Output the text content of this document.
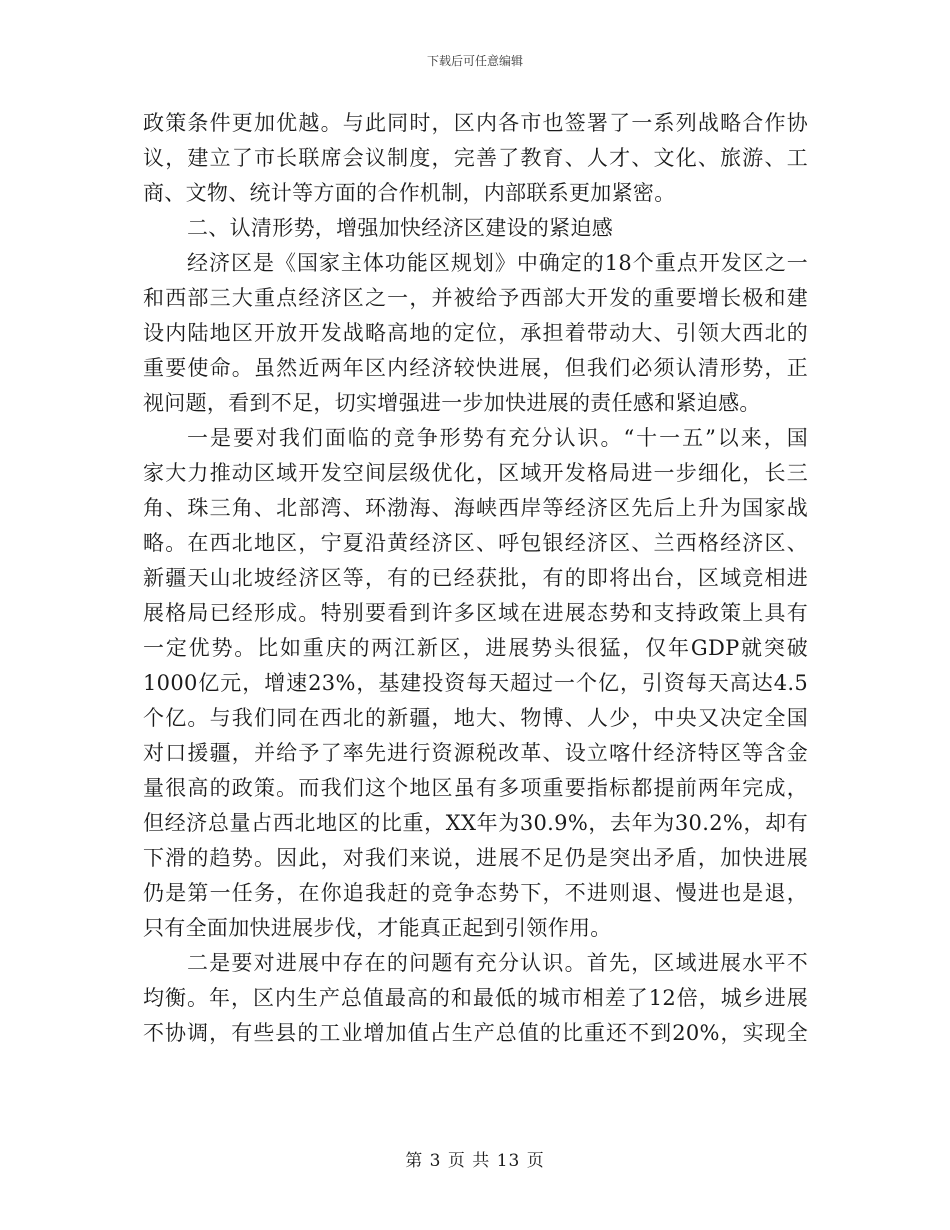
下载后可任意编辑
政策条件更加优越。与此同时，区内各市也签署了一系列战略合作协
议，建立了市长联席会议制度，完善了教育、人才、文化、旅游、工
商、文物、统计等方面的合作机制，内部联系更加紧密。
二、认清形势，增强加快经济区建设的紧迫感
经济区是《国家主体功能区规划》中确定的18个重点开发区之一
和西部三大重点经济区之一，并被给予西部大开发的重要增长极和建
设内陆地区开放开发战略高地的定位，承担着带动大、引领大西北的
重要使命。虽然近两年区内经济较快进展，但我们必须认清形势，正
视问题，看到不足，切实增强进一步加快进展的责任感和紧迫感。
一是要对我们面临的竞争形势有充分认识。“十一五”以来，国
家大力推动区域开发空间层级优化，区域开发格局进一步细化，长三
角、珠三角、北部湾、环渤海、海峡西岸等经济区先后上升为国家战
略。在西北地区，宁夏沿黄经济区、呼包银经济区、兰西格经济区、
新疆天山北坡经济区等，有的已经获批，有的即将出台，区域竞相进
展格局已经形成。特别要看到许多区域在进展态势和支持政策上具有
一定优势。比如重庆的两江新区，进展势头很猛，仅年GDP就突破
1000亿元，增速23%，基建投资每天超过一个亿，引资每天高达4.5
个亿。与我们同在西北的新疆，地大、物博、人少，中央又决定全国
对口援疆，并给予了率先进行资源税改革、设立喀什经济特区等含金
量很高的政策。而我们这个地区虽有多项重要指标都提前两年完成，
但经济总量占西北地区的比重，XX年为30.9%，去年为30.2%，却有
下滑的趋势。因此，对我们来说，进展不足仍是突出矛盾，加快进展
仍是第一任务，在你追我赶的竞争态势下，不进则退、慢进也是退，
只有全面加快进展步伐，才能真正起到引领作用。
二是要对进展中存在的问题有充分认识。首先，区域进展水平不
均衡。年，区内生产总值最高的和最低的城市相差了12倍，城乡进展
不协调，有些县的工业增加值占生产总值的比重还不到20%，实现全
第 3 页 共 13 页
